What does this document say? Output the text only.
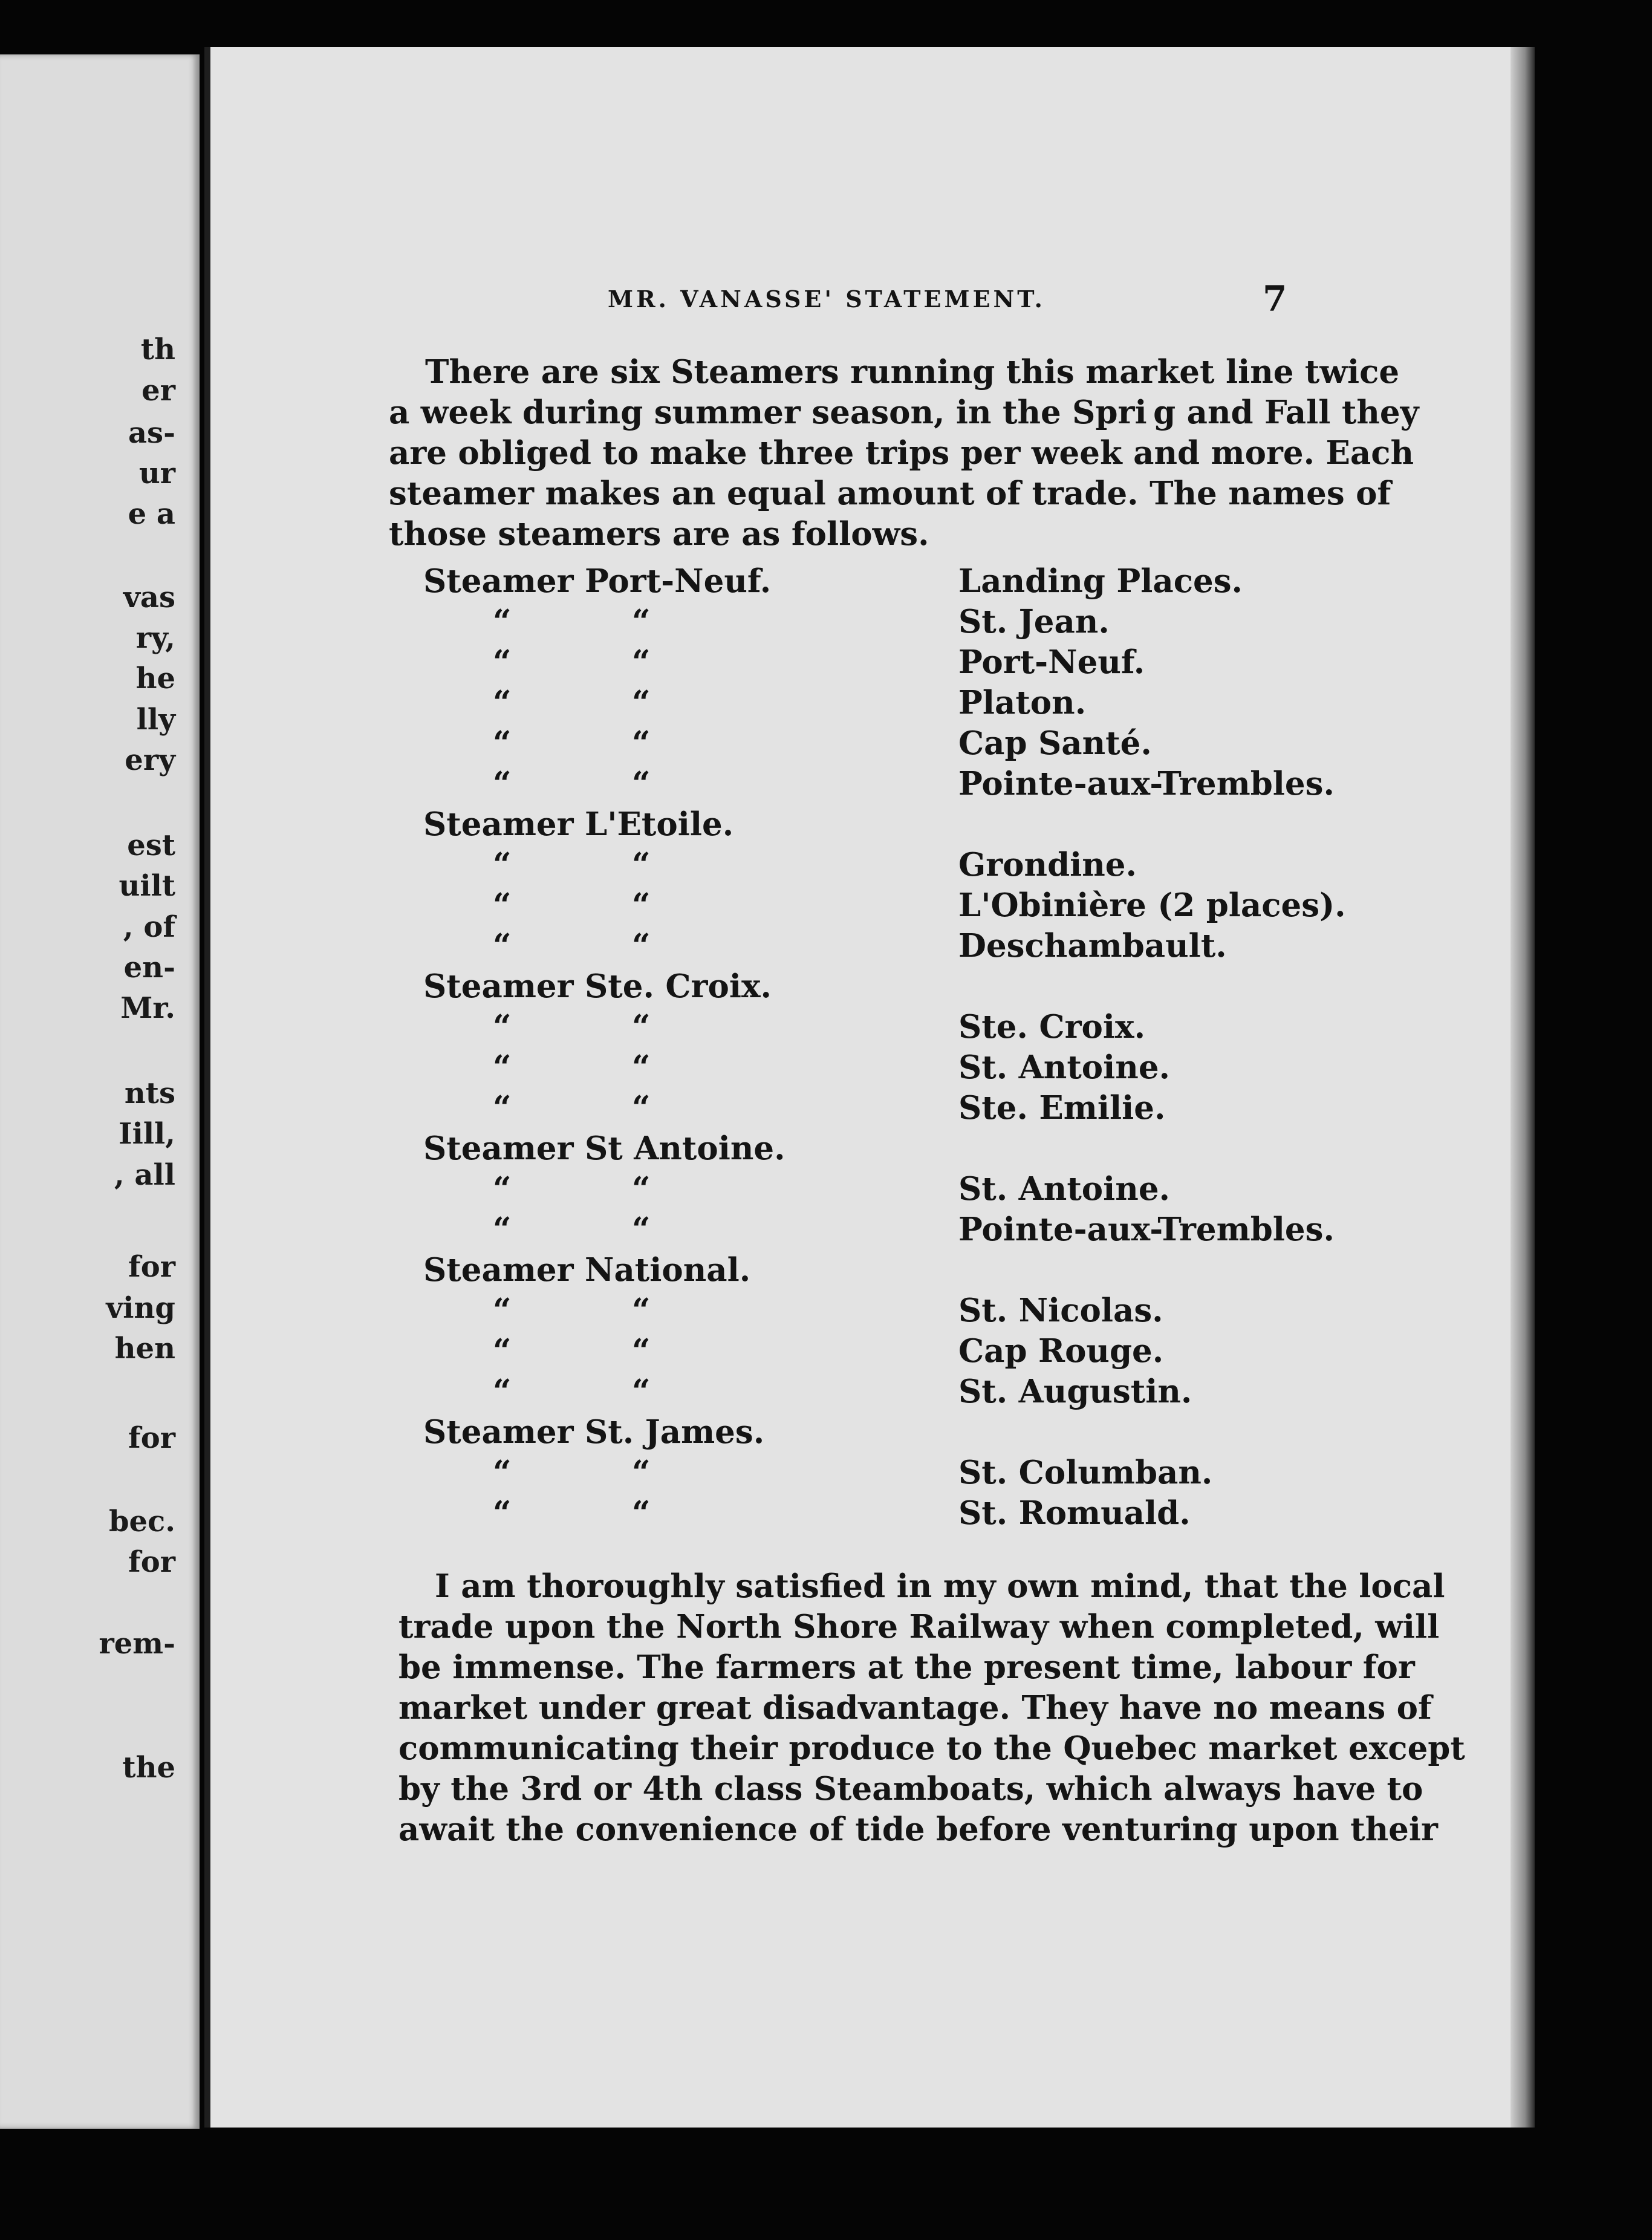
th
er
as-
ur
e a
vas
ry,
he
lly
ery
est
uilt
, of
en-
Mr.
nts
Iill,
, all
for
ving
hen
for
bec.
for
rem-
the
MR. VANASSE' STATEMENT.	7
There are six Steamers running this market line twice
a week during summer season, in the Spri g and Fall they
are obliged to make three trips per week and more. Each
steamer makes an equal amount of trade. The names of
those steamers are as follows.
Steamer Port-Neuf.	Landing Places.
“	“	St. Jean.
“	“	Port-Neuf.
“	“	Platon.
“	“	Cap Santé.
“	“	Pointe-aux-Trembles.
Steamer L'Etoile.
“	“	Grondine.
“	“	L'Obinière (2 places).
“	“	Deschambault.
Steamer Ste. Croix.
“	“	Ste. Croix.
“	“	St. Antoine.
“	“	Ste. Emilie.
Steamer St Antoine.
“	“	St. Antoine.
“	“	Pointe-aux-Trembles.
Steamer National.
“	“	St. Nicolas.
“	“	Cap Rouge.
“	“	St. Augustin.
Steamer St. James.
“	“	St. Columban.
“	“	St. Romuald.
I am thoroughly satisfied in my own mind, that the local
trade upon the North Shore Railway when completed, will
be immense. The farmers at the present time, labour for
market under great disadvantage. They have no means of
communicating their produce to the Quebec market except
by the 3rd or 4th class Steamboats, which always have to
await the convenience of tide before venturing upon their
